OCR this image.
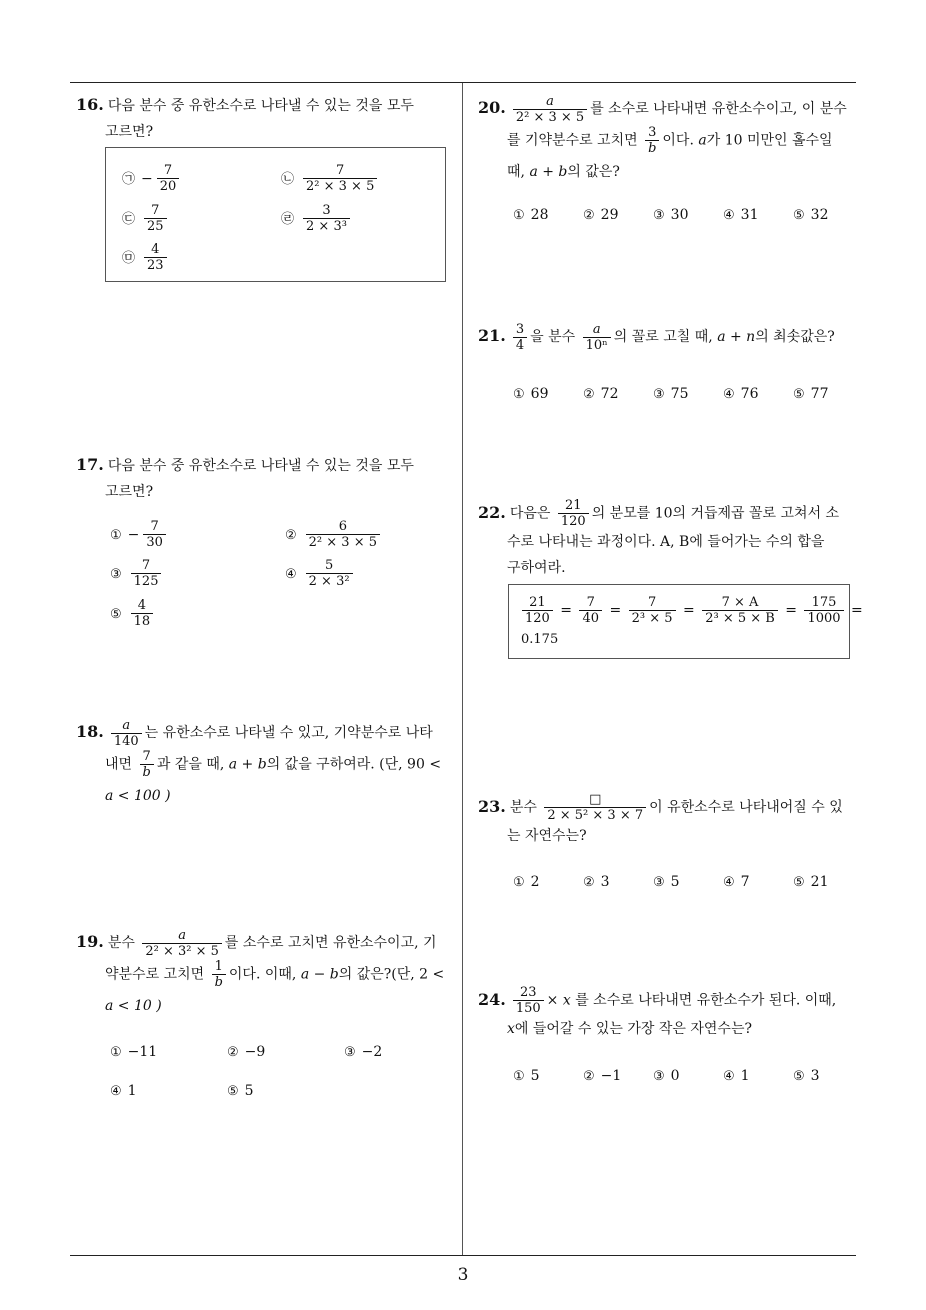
16. 다음 분수 중 유한소수로 나타낼 수 있는 것을 모두
고르면?
㉠ − $\frac{7}{20}$	㉡ $\frac{7}{\text{2² × 3 × 5}}$
㉢ $\frac{7}{25}$	㉣ $\frac{3}{\text{2 × 3³}}$
㉤ $\frac{4}{23}$
17. 다음 분수 중 유한소수로 나타낼 수 있는 것을 모두
고르면?
① − $\frac{7}{30}$	② $\frac{6}{\text{2² × 3 × 5}}$
③ $\frac{7}{125}$	④ $\frac{5}{\text{2 × 3²}}$
⑤ $\frac{4}{18}$
18. $\frac{a}{140}$ 는 유한소수로 나타낼 수 있고, 기약분수로 나타
내면 $\frac{7}{b}$ 과 같을 때, a + b의 값을 구하여라. (단, 90 <
a < 100 )
19. 분수 $\frac{a}{\text{2² × 3² × 5}}$ 를 소수로 고치면 유한소수이고, 기
약분수로 고치면 $\frac{1}{b}$ 이다. 이때, a − b의 값은?(단, 2 <
a < 10 )
① −11	② −9	③ −2
④ 1	⑤ 5
20. $\frac{a}{\text{2² × 3 × 5}}$ 를 소수로 나타내면 유한소수이고, 이 분수
를 기약분수로 고치면 $\frac{3}{b}$ 이다. a가 10 미만인 홀수일
때, a + b의 값은?
① 28	② 29	③ 30	④ 31	⑤ 32
21. $\frac{3}{4}$ 을 분수 $\frac{a}{\text{10ⁿ}}$ 의 꼴로 고칠 때, a + n의 최솟값은?
① 69	② 72	③ 75	④ 76	⑤ 77
22. 다음은 $\frac{21}{120}$ 의 분모를 10의 거듭제곱 꼴로 고쳐서 소
수로 나타내는 과정이다. A, B에 들어가는 수의 합을
구하여라.
$\frac{21}{120} = \frac{7}{40} = \frac{7}{\text{2³ × 5}} = \frac{7 \times A}{\text{2³ × 5 × B}} = \frac{175}{1000}$ =
0.175
23. 분수 $\frac{□}{\text{2 × 5² × 3 × 7}}$ 이 유한소수로 나타내어질 수 있
는 자연수는?
① 2	② 3	③ 5	④ 7	⑤ 21
24. $\frac{23}{150} \times x$ 를 소수로 나타내면 유한소수가 된다. 이때,
x에 들어갈 수 있는 가장 작은 자연수는?
① 5	② −1 ③ 0	④ 1	⑤ 3
3
